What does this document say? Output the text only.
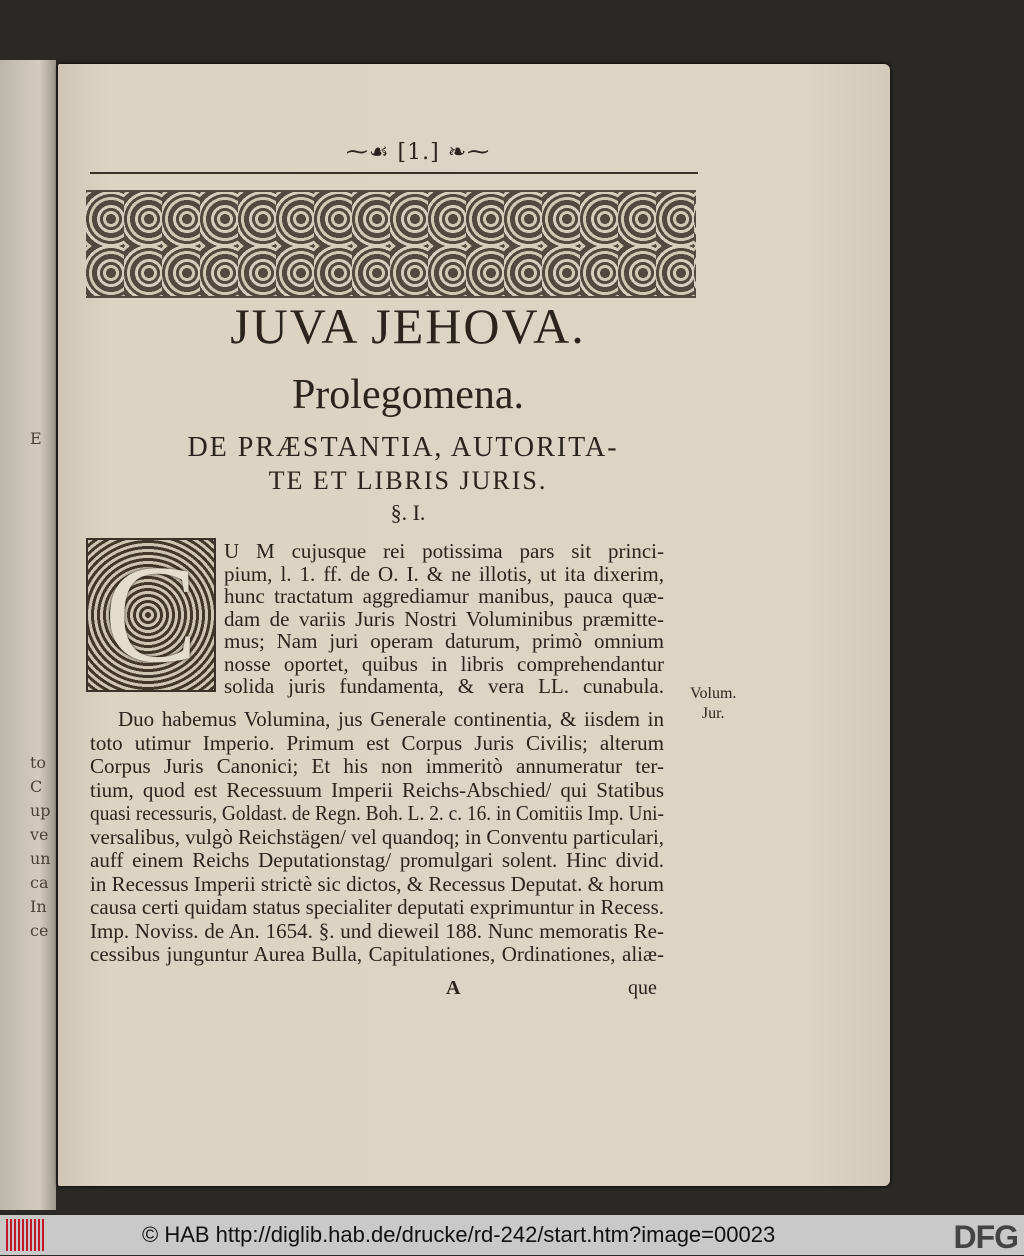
E
to
C
up
ve
un
ca
In
ce
⁓☙ [1.] ❧⁓
JUVA JEHOVA.
Prolegomena.
DE PRÆSTANTIA, AUTORITA-
TE ET LIBRIS JURIS.
§. I.
C U M cujusque rei potissima pars sit princi-
pium, l. 1. ff. de O. I. & ne illotis, ut ita dixerim,
hunc tractatum aggrediamur manibus, pauca quæ-
dam de variis Juris Nostri Voluminibus præmitte-
mus; Nam juri operam daturum, primò omnium
nosse oportet, quibus in libris comprehendantur
solida juris fundamenta, & vera LL. cunabula.
Duo habemus Volumina, jus Generale continentia, & iisdem in
toto utimur Imperio. Primum est Corpus Juris Civilis; alterum
Corpus Juris Canonici; Et his non immeritò annumeratur ter-
tium, quod est Recessuum Imperii Reichs-Abschied/ qui Statibus
quasi recessuris, Goldast. de Regn. Boh. L. 2. c. 16. in Comitiis Imp. Uni-
versalibus, vulgò Reichstägen/ vel quandoq; in Conventu particulari,
auff einem Reichs Deputationstag/ promulgari solent. Hinc divid.
in Recessus Imperii strictè sic dictos, & Recessus Deputat. & horum
causa certi quidam status specialiter deputati exprimuntur in Recess.
Imp. Noviss. de An. 1654. §. und dieweil 188. Nunc memoratis Re-
cessibus junguntur Aurea Bulla, Capitulationes, Ordinationes, aliæ-
A	que
Volum.
Jur.
© HAB http://diglib.hab.de/drucke/rd-242/start.htm?image=00023	DFG
